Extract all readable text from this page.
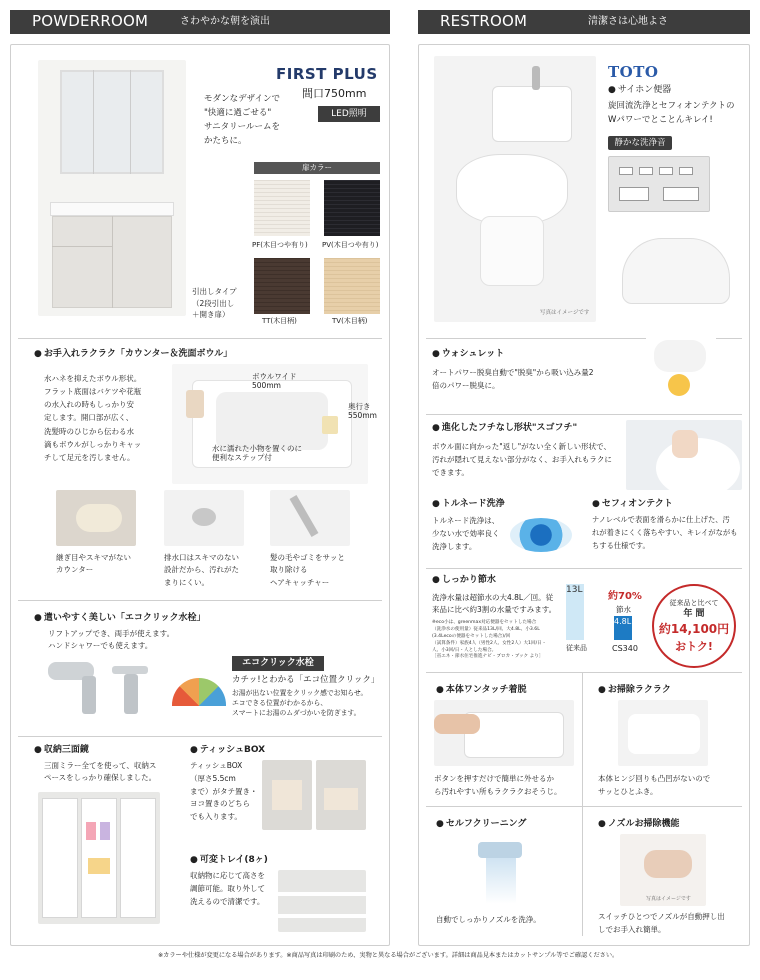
POWDERROOM	さわやかな朝を演出
FIRST PLUS
間口750mm
LED照明
モダンなデザインで
"快適に過ごせる"
サニタリールームを
かたちに。
扉カラー
PF(木目つや有り) PV(木目つや有り)
TT(木目柄)	TV(木目柄)
引出しタイプ
（2段引出し
＋開き扉）
● お手入れラクラク「カウンター＆洗面ボウル」
水ハネを抑えたボウル形状。
フラット底面はバケツや花瓶
の水入れの時もしっかり安
定します。開口部が広く、
洗髪時のひじから伝わる水
滴もボウルがしっかりキャッ
チして足元を汚しません。
ボウルワイド
500mm
奥行き
550mm
水に濡れた小物を置くのに
便利なステップ付
継ぎ目やスキマがない
カウンター
排水口はスキマのない
設計だから、汚れがた
まりにくい。
髪の毛やゴミをサッと
取り除ける
ヘアキャッチャー
● 遣いやすく美しい「エコクリック水栓」
リフトアップでき、両手が使えます。
ハンドシャワーでも使えます。
エコクリック水栓
カチッ!とわかる「エコ位置クリック」
お湯が出ない位置をクリック感でお知らせ。
エコできる位置がわかるから、
スマートにお湯のムダづかいを防ぎます。
● 収納三面鏡
三面ミラー全てを使って、収納ス
ペースをしっかり確保しました。
● ティッシュBOX
ティッシュBOX
（厚さ5.5cm
まで）がタテ置き・
ヨコ置きのどちら
でも入ります。
● 可変トレイ(8ヶ)
収納物に応じて高さを
調節可能。取り外して
洗えるので清潔です。
RESTROOM	清潔さは心地よさ
写真はイメージです
TOTO
● サイホン便器
旋回流洗浄とセフィオンテクトの
Wパワーでとことんキレイ!
静かな洗浄音
● ウォシュレット
オートパワー脱臭自動で"脱臭"から吸い込み量2
倍のパワー脱臭に。
● 進化したフチなし形状"スゴフチ"
ボウル面に向かった"返し"がない全く新しい形状で、
汚れが隠れて見えない部分がなく、お手入れもラクに
できます。
● トルネード洗浄
トルネード洗浄は、
少ない水で効率良く
洗浄します。
● セフィオンテクト
ナノレベルで表面を滑らかに仕上げた、汚
れが着きにくく落ちやすい、キレイがながも
ちする仕様です。
● しっかり節水
洗浄水量は超節水の大4.8L／回。従
来品に比べ約3割の水量ですみます。
※eco小は、greenmax対応便器をセットした場合
（洗浄水の使用量）従来品13L/回、大4.8L、小3.6L
(3.4Lecoの便器をセットした場合)/回
（試算条件）家族4人（男性2人、女性2人）大1回/日・
人、小3回/日・人とした場合。
［省エネ・節水住宅推進ナビ・ブロカ・ブック より］
13L
4.8L
約70%
節水
従来品	CS340
従来品と比べて
年 間
約14,100円
おトク!
● 本体ワンタッチ着脱
ボタンを押すだけで簡単に外せるか
ら汚れやすい所もラクラクおそうじ。
● お掃除ラクラク
本体ヒンジ回りも凸凹がないので
サッとひとふき。
● セルフクリーニング
自動でしっかりノズルを洗浄。
● ノズルお掃除機能
写真はイメージです
スイッチひとつでノズルが自動押し出
しでお手入れ簡単。
※カラーや仕様が変更になる場合があります。※商品写真は印刷のため、実物と異なる場合がございます。詳細は商品見本またはカットサンプル等でご確認ください。
